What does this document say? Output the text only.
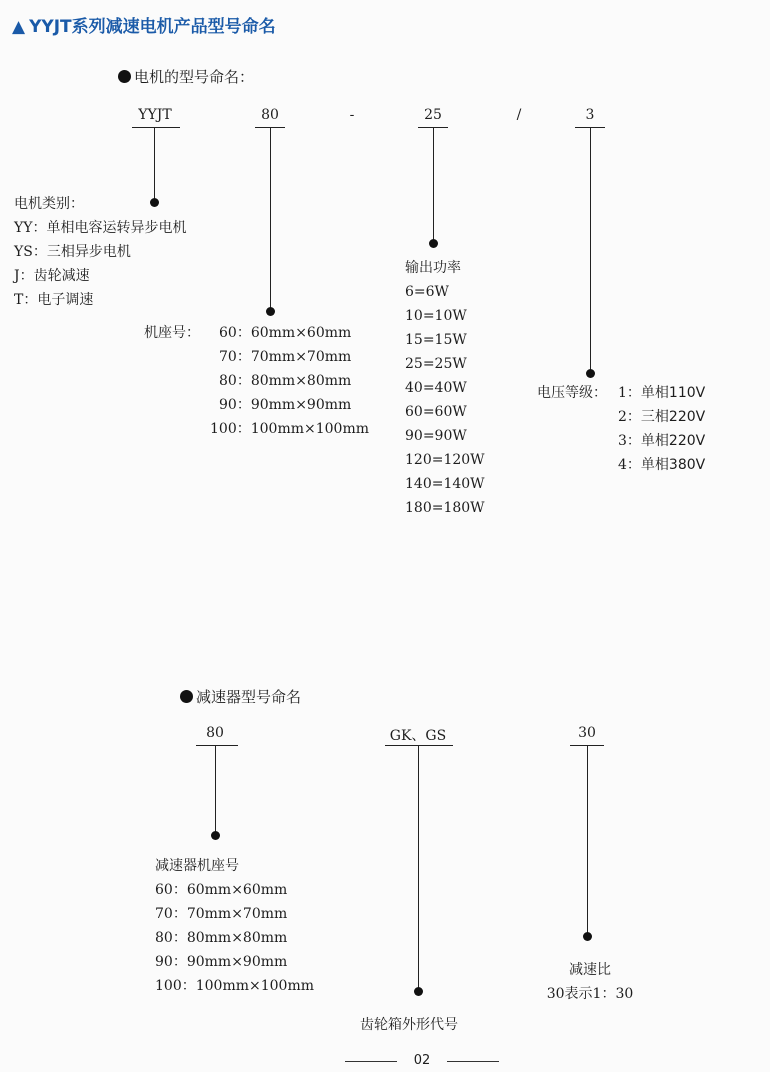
▲ YYJT系列减速电机产品型号命名
电机的型号命名：
YYJT	80	-	25	/	3
电机类别：
YY：单相电容运转异步电机
YS：三相异步电机
J：齿轮减速
T：电子调速
机座号：	60：60mm×60mm
70：70mm×70mm
80：80mm×80mm
90：90mm×90mm
100：100mm×100mm
输出功率
6=6W
10=10W
15=15W
25=25W
40=40W
60=60W
90=90W
120=120W
140=140W
180=180W
电压等级： 1：单相110V
2：三相220V
3：单相220V
4：单相380V
减速器型号命名
80	GK、GS	30
减速器机座号
60：60mm×60mm
70：70mm×70mm
80：80mm×80mm
90：90mm×90mm
100：100mm×100mm
齿轮箱外形代号
减速比
30表示1：30
02
